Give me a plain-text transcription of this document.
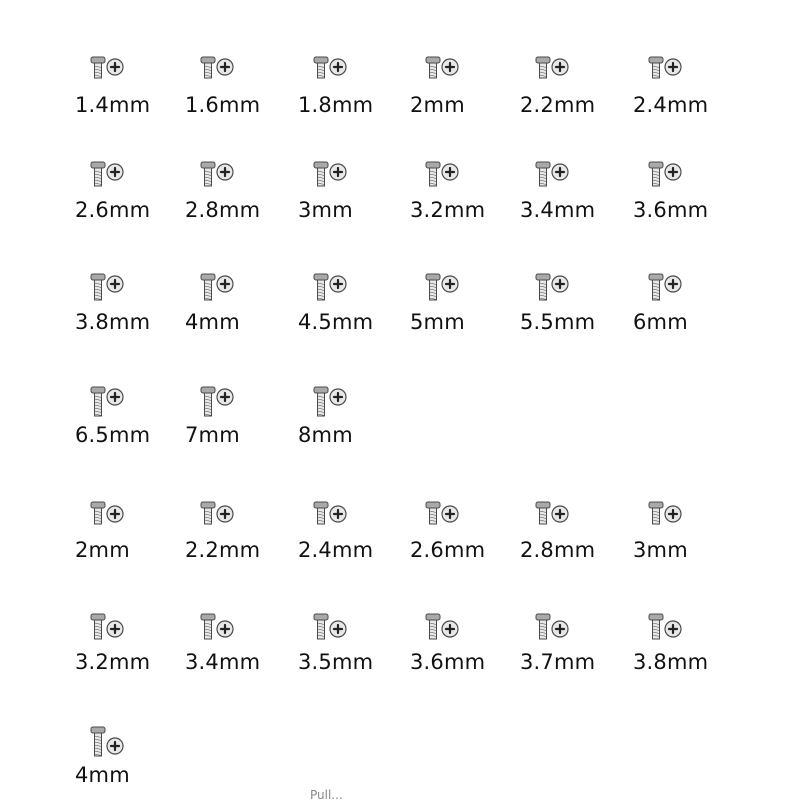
1.4mm	1.6mm	1.8mm	2mm	2.2mm	2.4mm
2.6mm	2.8mm	3mm	3.2mm	3.4mm	3.6mm
3.8mm	4mm	4.5mm	5mm	5.5mm	6mm
6.5mm	7mm	8mm
2mm	2.2mm	2.4mm	2.6mm	2.8mm	3mm
3.2mm	3.4mm	3.5mm	3.6mm	3.7mm	3.8mm
4mm
Pull...
